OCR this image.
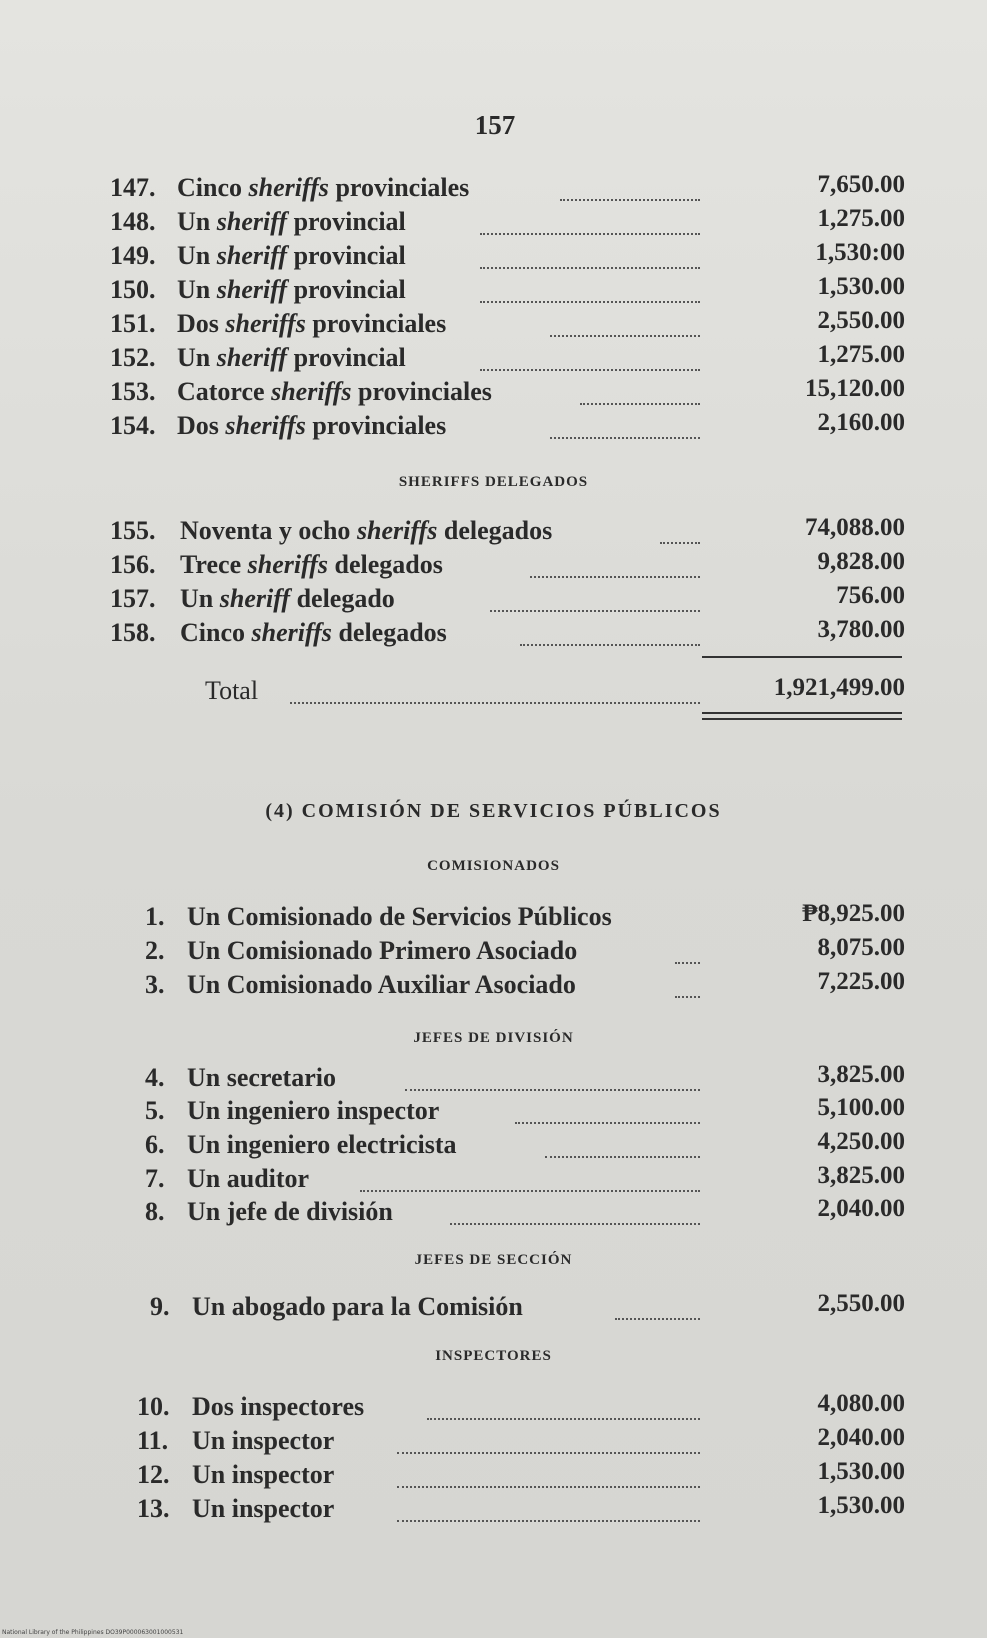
157
147. Cinco sheriffs provinciales	7,650.00
148. Un sheriff provincial	1,275.00
149. Un sheriff provincial	1,530:00
150. Un sheriff provincial	1,530.00
151. Dos sheriffs provinciales	2,550.00
152. Un sheriff provincial	1,275.00
153. Catorce sheriffs provinciales	15,120.00
154. Dos sheriffs provinciales	2,160.00
SHERIFFS DELEGADOS
155. Noventa y ocho sheriffs delegados	74,088.00
156. Trece sheriffs delegados	9,828.00
157. Un sheriff delegado	756.00
158. Cinco sheriffs delegados	3,780.00
Total	1,921,499.00
(4) COMISIÓN DE SERVICIOS PÚBLICOS
COMISIONADOS
1. Un Comisionado de Servicios Públicos	₱8,925.00
2. Un Comisionado Primero Asociado	8,075.00
3. Un Comisionado Auxiliar Asociado	7,225.00
JEFES DE DIVISIÓN
4. Un secretario	3,825.00
5. Un ingeniero inspector	5,100.00
6. Un ingeniero electricista	4,250.00
7. Un auditor	3,825.00
8. Un jefe de división	2,040.00
JEFES DE SECCIÓN
9. Un abogado para la Comisión	2,550.00
INSPECTORES
10. Dos inspectores	4,080.00
11. Un inspector	2,040.00
12. Un inspector	1,530.00
13. Un inspector	1,530.00
National Library of the Philippines DO39P000063001000531
